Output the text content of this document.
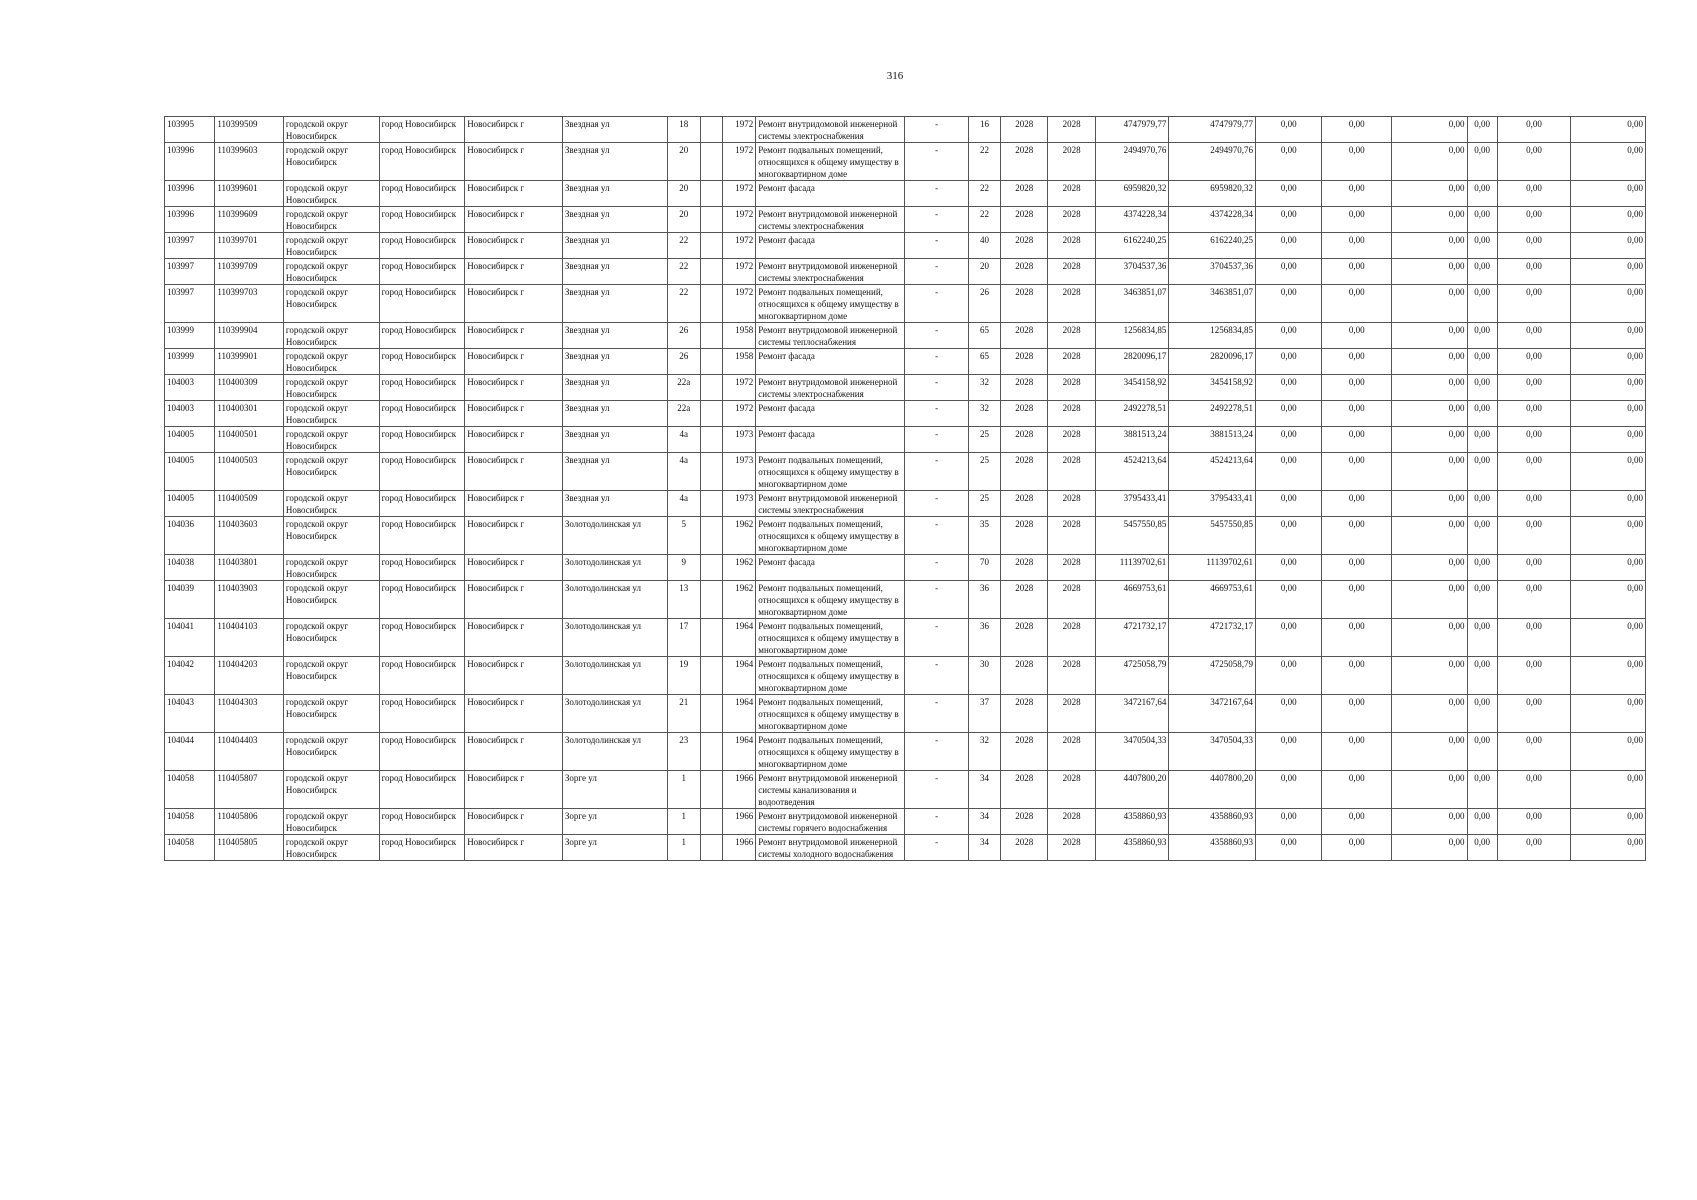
316
103995	110399509	городской округ Новосибирск	город Новосибирск	Новосибирск г	Звездная ул	18		1972	Ремонт внутридомовой инженерной системы электроснабжения	-	16	2028	2028	4747979,77	4747979,77	0,00	0,00	0,00	0,00	0,00	0,00
103996	110399603	городской округ Новосибирск	город Новосибирск	Новосибирск г	Звездная ул	20		1972	Ремонт подвальных помещений, относящихся к общему имуществу в многоквартирном доме	-	22	2028	2028	2494970,76	2494970,76	0,00	0,00	0,00	0,00	0,00	0,00
103996	110399601	городской округ Новосибирск	город Новосибирск	Новосибирск г	Звездная ул	20		1972	Ремонт фасада	-	22	2028	2028	6959820,32	6959820,32	0,00	0,00	0,00	0,00	0,00	0,00
103996	110399609	городской округ Новосибирск	город Новосибирск	Новосибирск г	Звездная ул	20		1972	Ремонт внутридомовой инженерной системы электроснабжения	-	22	2028	2028	4374228,34	4374228,34	0,00	0,00	0,00	0,00	0,00	0,00
103997	110399701	городской округ Новосибирск	город Новосибирск	Новосибирск г	Звездная ул	22		1972	Ремонт фасада	-	40	2028	2028	6162240,25	6162240,25	0,00	0,00	0,00	0,00	0,00	0,00
103997	110399709	городской округ Новосибирск	город Новосибирск	Новосибирск г	Звездная ул	22		1972	Ремонт внутридомовой инженерной системы электроснабжения	-	20	2028	2028	3704537,36	3704537,36	0,00	0,00	0,00	0,00	0,00	0,00
103997	110399703	городской округ Новосибирск	город Новосибирск	Новосибирск г	Звездная ул	22		1972	Ремонт подвальных помещений, относящихся к общему имуществу в многоквартирном доме	-	26	2028	2028	3463851,07	3463851,07	0,00	0,00	0,00	0,00	0,00	0,00
103999	110399904	городской округ Новосибирск	город Новосибирск	Новосибирск г	Звездная ул	26		1958	Ремонт внутридомовой инженерной системы теплоснабжения	-	65	2028	2028	1256834,85	1256834,85	0,00	0,00	0,00	0,00	0,00	0,00
103999	110399901	городской округ Новосибирск	город Новосибирск	Новосибирск г	Звездная ул	26		1958	Ремонт фасада	-	65	2028	2028	2820096,17	2820096,17	0,00	0,00	0,00	0,00	0,00	0,00
104003	110400309	городской округ Новосибирск	город Новосибирск	Новосибирск г	Звездная ул	22а		1972	Ремонт внутридомовой инженерной системы электроснабжения	-	32	2028	2028	3454158,92	3454158,92	0,00	0,00	0,00	0,00	0,00	0,00
104003	110400301	городской округ Новосибирск	город Новосибирск	Новосибирск г	Звездная ул	22а		1972	Ремонт фасада	-	32	2028	2028	2492278,51	2492278,51	0,00	0,00	0,00	0,00	0,00	0,00
104005	110400501	городской округ Новосибирск	город Новосибирск	Новосибирск г	Звездная ул	4а		1973	Ремонт фасада	-	25	2028	2028	3881513,24	3881513,24	0,00	0,00	0,00	0,00	0,00	0,00
104005	110400503	городской округ Новосибирск	город Новосибирск	Новосибирск г	Звездная ул	4а		1973	Ремонт подвальных помещений, относящихся к общему имуществу в многоквартирном доме	-	25	2028	2028	4524213,64	4524213,64	0,00	0,00	0,00	0,00	0,00	0,00
104005	110400509	городской округ Новосибирск	город Новосибирск	Новосибирск г	Звездная ул	4а		1973	Ремонт внутридомовой инженерной системы электроснабжения	-	25	2028	2028	3795433,41	3795433,41	0,00	0,00	0,00	0,00	0,00	0,00
104036	110403603	городской округ Новосибирск	город Новосибирск	Новосибирск г	Золотодолинская ул	5		1962	Ремонт подвальных помещений, относящихся к общему имуществу в многоквартирном доме	-	35	2028	2028	5457550,85	5457550,85	0,00	0,00	0,00	0,00	0,00	0,00
104038	110403801	городской округ Новосибирск	город Новосибирск	Новосибирск г	Золотодолинская ул	9		1962	Ремонт фасада	-	70	2028	2028	11139702,61	11139702,61	0,00	0,00	0,00	0,00	0,00	0,00
104039	110403903	городской округ Новосибирск	город Новосибирск	Новосибирск г	Золотодолинская ул	13		1962	Ремонт подвальных помещений, относящихся к общему имуществу в многоквартирном доме	-	36	2028	2028	4669753,61	4669753,61	0,00	0,00	0,00	0,00	0,00	0,00
104041	110404103	городской округ Новосибирск	город Новосибирск	Новосибирск г	Золотодолинская ул	17		1964	Ремонт подвальных помещений, относящихся к общему имуществу в многоквартирном доме	-	36	2028	2028	4721732,17	4721732,17	0,00	0,00	0,00	0,00	0,00	0,00
104042	110404203	городской округ Новосибирск	город Новосибирск	Новосибирск г	Золотодолинская ул	19		1964	Ремонт подвальных помещений, относящихся к общему имуществу в многоквартирном доме	-	30	2028	2028	4725058,79	4725058,79	0,00	0,00	0,00	0,00	0,00	0,00
104043	110404303	городской округ Новосибирск	город Новосибирск	Новосибирск г	Золотодолинская ул	21		1964	Ремонт подвальных помещений, относящихся к общему имуществу в многоквартирном доме	-	37	2028	2028	3472167,64	3472167,64	0,00	0,00	0,00	0,00	0,00	0,00
104044	110404403	городской округ Новосибирск	город Новосибирск	Новосибирск г	Золотодолинская ул	23		1964	Ремонт подвальных помещений, относящихся к общему имуществу в многоквартирном доме	-	32	2028	2028	3470504,33	3470504,33	0,00	0,00	0,00	0,00	0,00	0,00
104058	110405807	городской округ Новосибирск	город Новосибирск	Новосибирск г	Зорге ул	1		1966	Ремонт внутридомовой инженерной системы канализования и водоотведения	-	34	2028	2028	4407800,20	4407800,20	0,00	0,00	0,00	0,00	0,00	0,00
104058	110405806	городской округ Новосибирск	город Новосибирск	Новосибирск г	Зорге ул	1		1966	Ремонт внутридомовой инженерной системы горячего водоснабжения	-	34	2028	2028	4358860,93	4358860,93	0,00	0,00	0,00	0,00	0,00	0,00
104058	110405805	городской округ Новосибирск	город Новосибирск	Новосибирск г	Зорге ул	1		1966	Ремонт внутридомовой инженерной системы холодного водоснабжения	-	34	2028	2028	4358860,93	4358860,93	0,00	0,00	0,00	0,00	0,00	0,00
